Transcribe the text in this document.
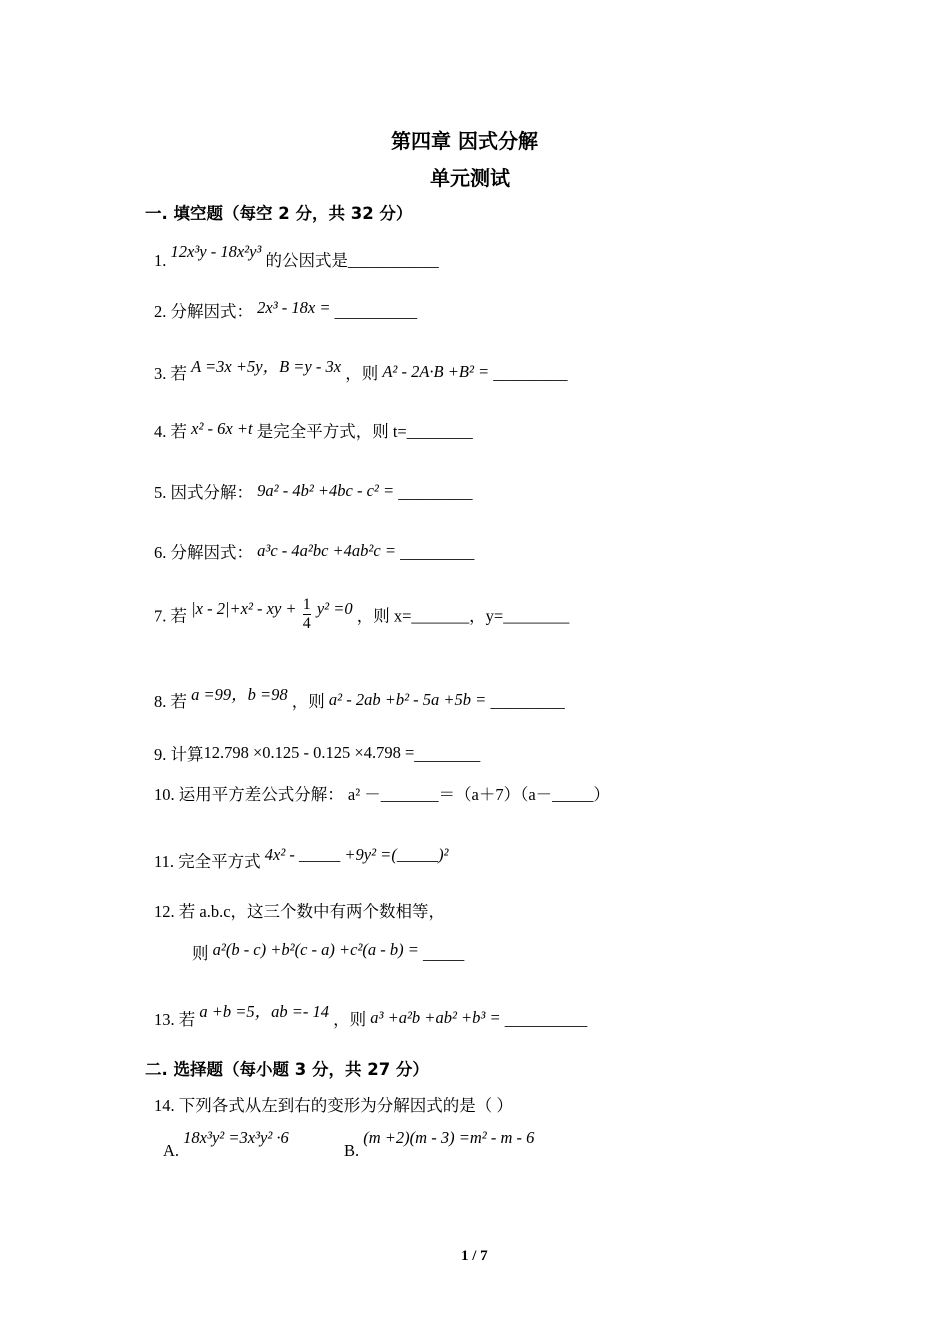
第四章 因式分解
单元测试
一. 填空题（每空 2 分，共 32 分）
1. 12x³y - 18x²y³ 的公因式是___________
2. 分解因式： 2x³ - 18x = __________
3. 若 A =3x +5y，B =y - 3x ，则 A² - 2A·B +B² = _________
4. 若 x² - 6x +t 是完全平方式，则 t=________
5. 因式分解： 9a² - 4b² +4bc - c² = _________
6. 分解因式： a³c - 4a²bc +4ab²c = _________
7. 若 |x - 2|+x² - xy + $\frac{1}{4} y^2 =0$ ，则 x=_______，y=________
8. 若 a =99，b =98 ，则 a² - 2ab +b² - 5a +5b = _________
9. 计算12.798 ×0.125 - 0.125 ×4.798 =________
10. 运用平方差公式分解： a² －_______＝（a＋7）（a－_____）
11. 完全平方式 4x² - _____ +9y² =(_____)²
12. 若 a.b.c，这三个数中有两个数相等，
则 a²(b - c) +b²(c - a) +c²(a - b) = _____
13. 若 a +b =5，ab =- 14 ，则 a³ +a²b +ab² +b³ = __________
二. 选择题（每小题 3 分，共 27 分）
14. 下列各式从左到右的变形为分解因式的是（ ）
A. 18x³y² =3x³y² ·6
B. (m +2)(m - 3) =m² - m - 6
1 / 7
